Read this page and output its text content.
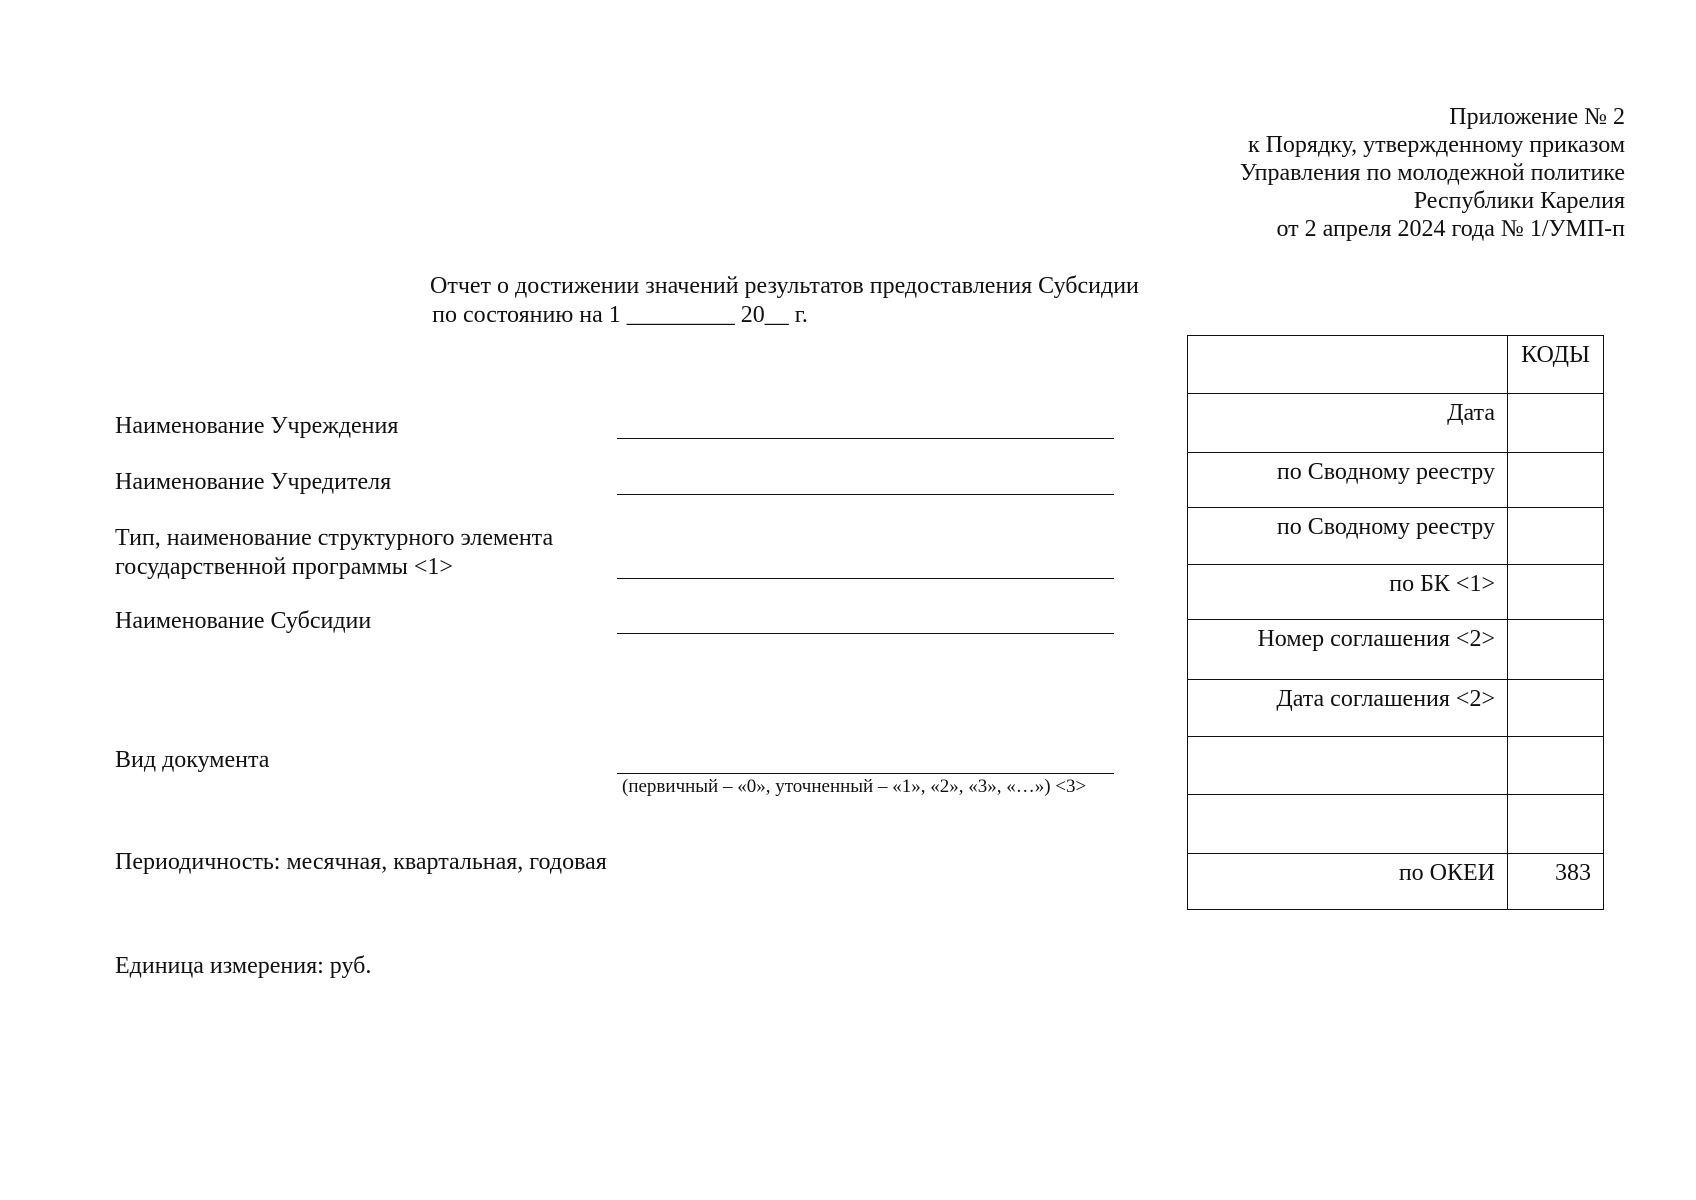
Приложение № 2
к Порядку, утвержденному приказом
Управления по молодежной политике
Республики Карелия
от 2 апреля 2024 года № 1/УМП-п
Отчет о достижении значений результатов предоставления Субсидии
по состоянию на 1 _________ 20__ г.
Наименование Учреждения
Наименование Учредителя
Тип, наименование структурного элемента
государственной программы <1>
Наименование Субсидии
Вид документа
(первичный – «0», уточненный – «1», «2», «3», «…») <3>
Периодичность: месячная, квартальная, годовая
Единица измерения: руб.
	КОДЫ
Дата	
по Сводному реестру	
по Сводному реестру	
по БК <1>	
Номер соглашения <2>	
Дата соглашения <2>	

по ОКЕИ	383
